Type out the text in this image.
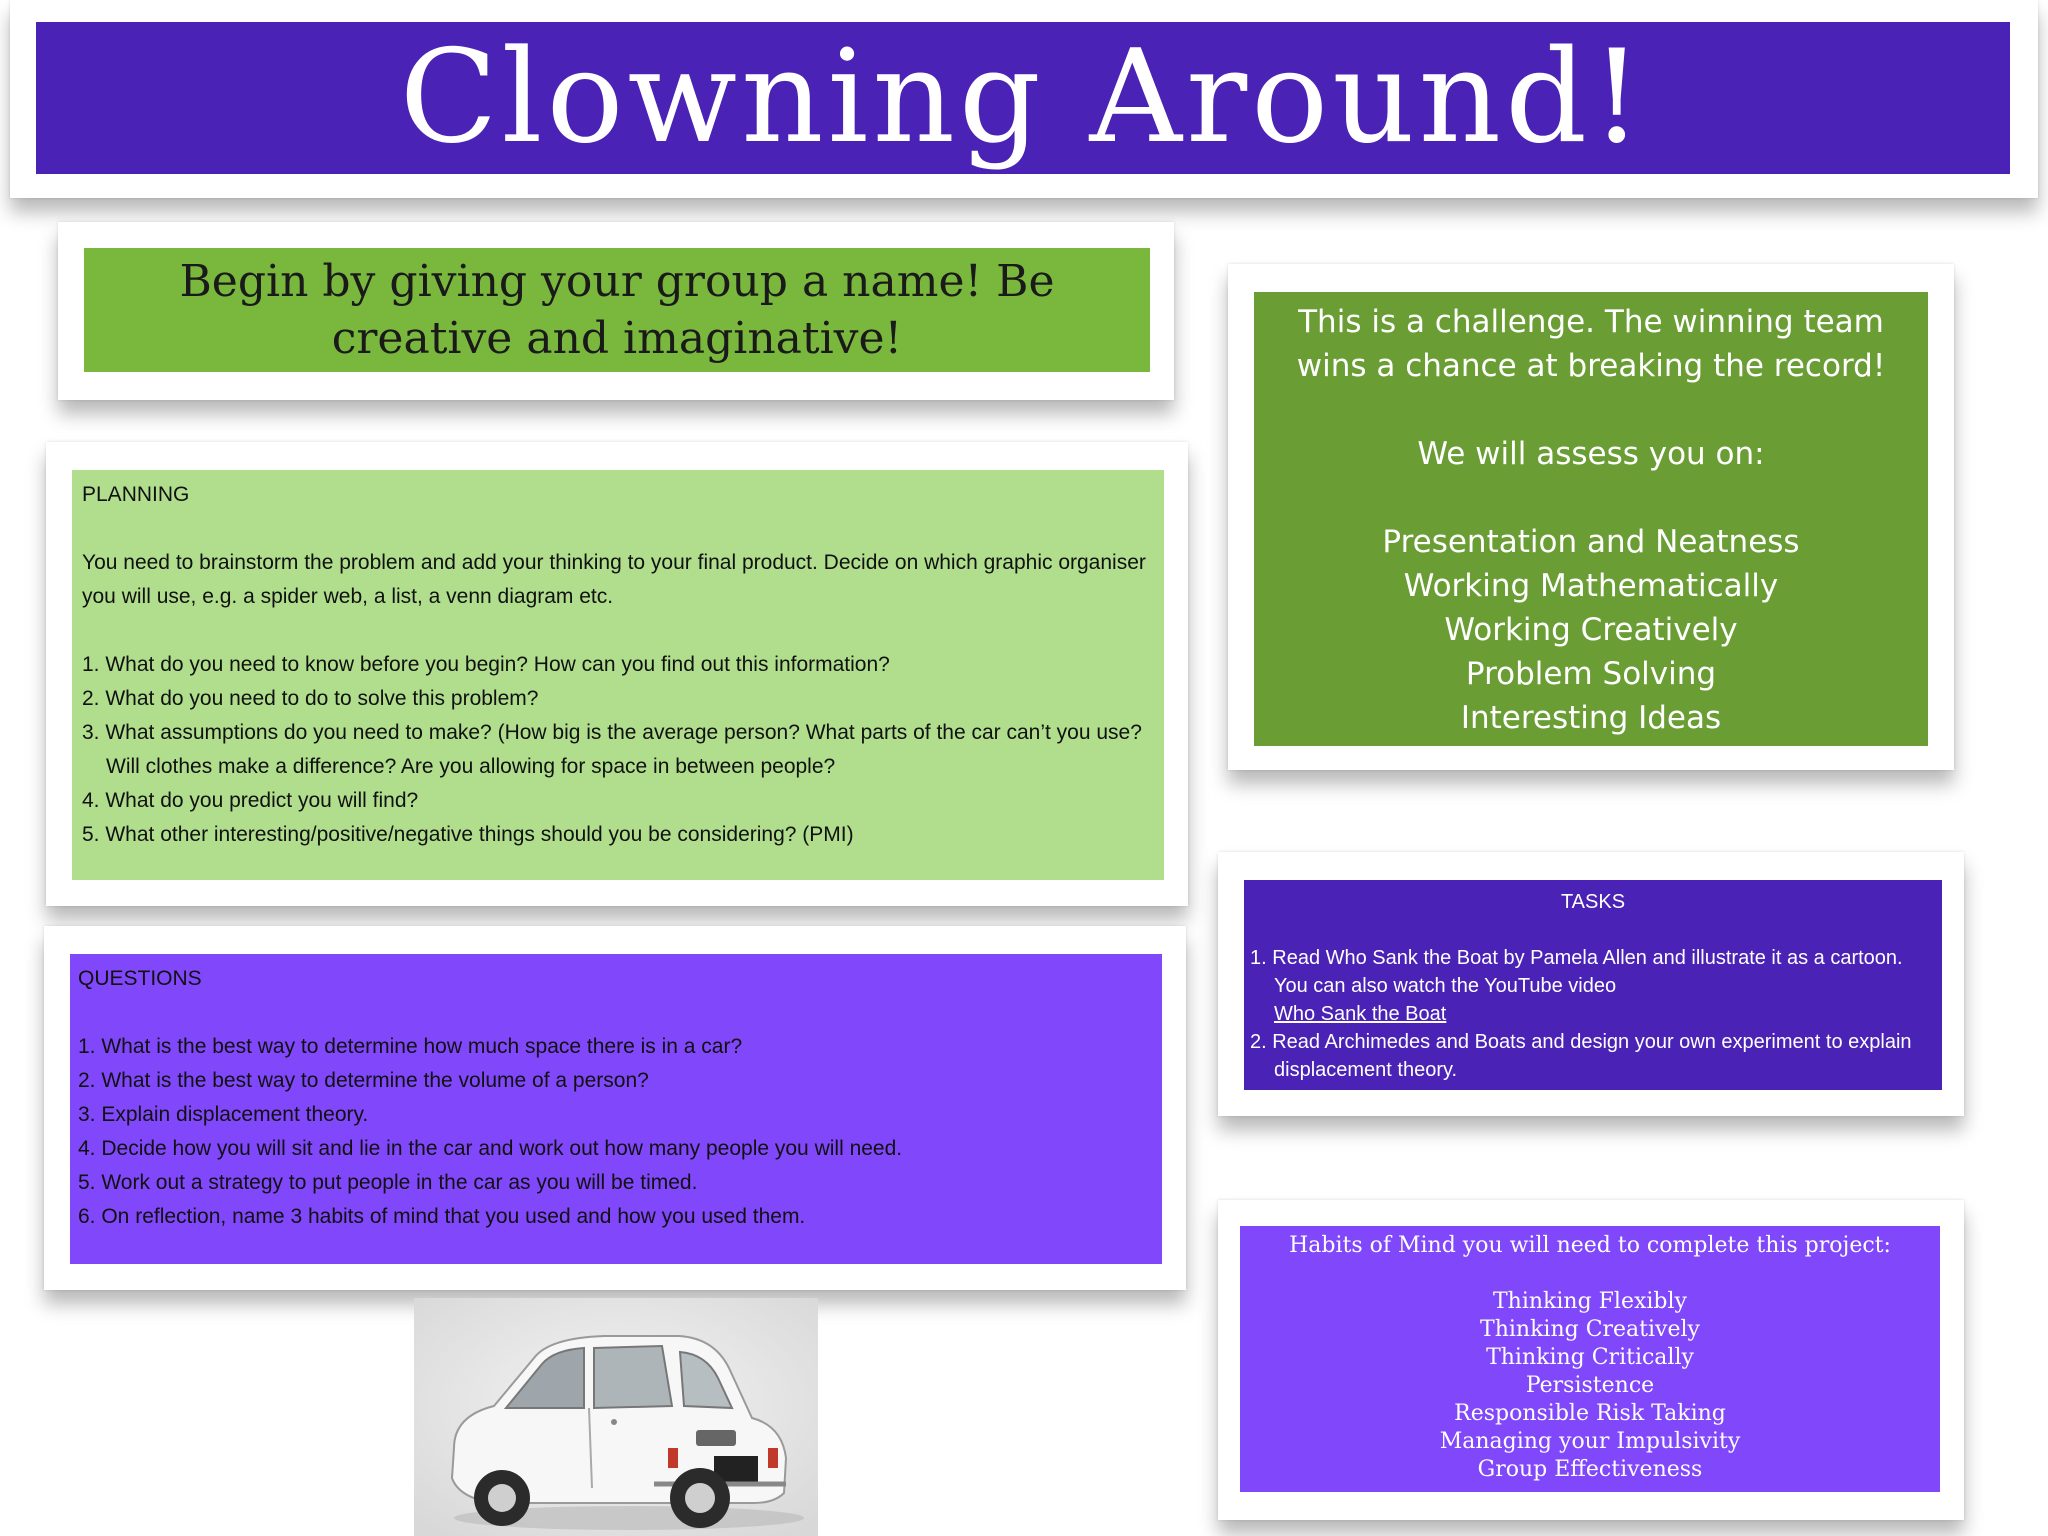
Clowning Around!
Begin by giving your group a name! Be creative and imaginative!
PLANNING
You need to brainstorm the problem and add your thinking to your final product. Decide on which graphic organiser you will use, e.g. a spider web, a list, a venn diagram etc.
1. What do you need to know before you begin? How can you find out this information?
2. What do you need to do to solve this problem?
3. What assumptions do you need to make? (How big is the average person? What parts of the car can’t you use? Will clothes make a difference? Are you allowing for space in between people?
4. What do you predict you will find?
5. What other interesting/positive/negative things should you be considering? (PMI)
QUESTIONS
1. What is the best way to determine how much space there is in a car?
2. What is the best way to determine the volume of a person?
3. Explain displacement theory.
4. Decide how you will sit and lie in the car and work out how many people you will need.
5. Work out a strategy to put people in the car as you will be timed.
6. On reflection, name 3 habits of mind that you used and how you used them.
This is a challenge. The winning team wins a chance at breaking the record!
We will assess you on:
Presentation and Neatness
Working Mathematically
Working Creatively
Problem Solving
Interesting Ideas
TASKS
1. Read Who Sank the Boat by Pamela Allen and illustrate it as a cartoon. You can also watch the YouTube video
Who Sank the Boat
2. Read Archimedes and Boats and design your own experiment to explain displacement theory.
Habits of Mind you will need to complete this project:
Thinking Flexibly
Thinking Creatively
Thinking Critically
Persistence
Responsible Risk Taking
Managing your Impulsivity
Group Effectiveness
